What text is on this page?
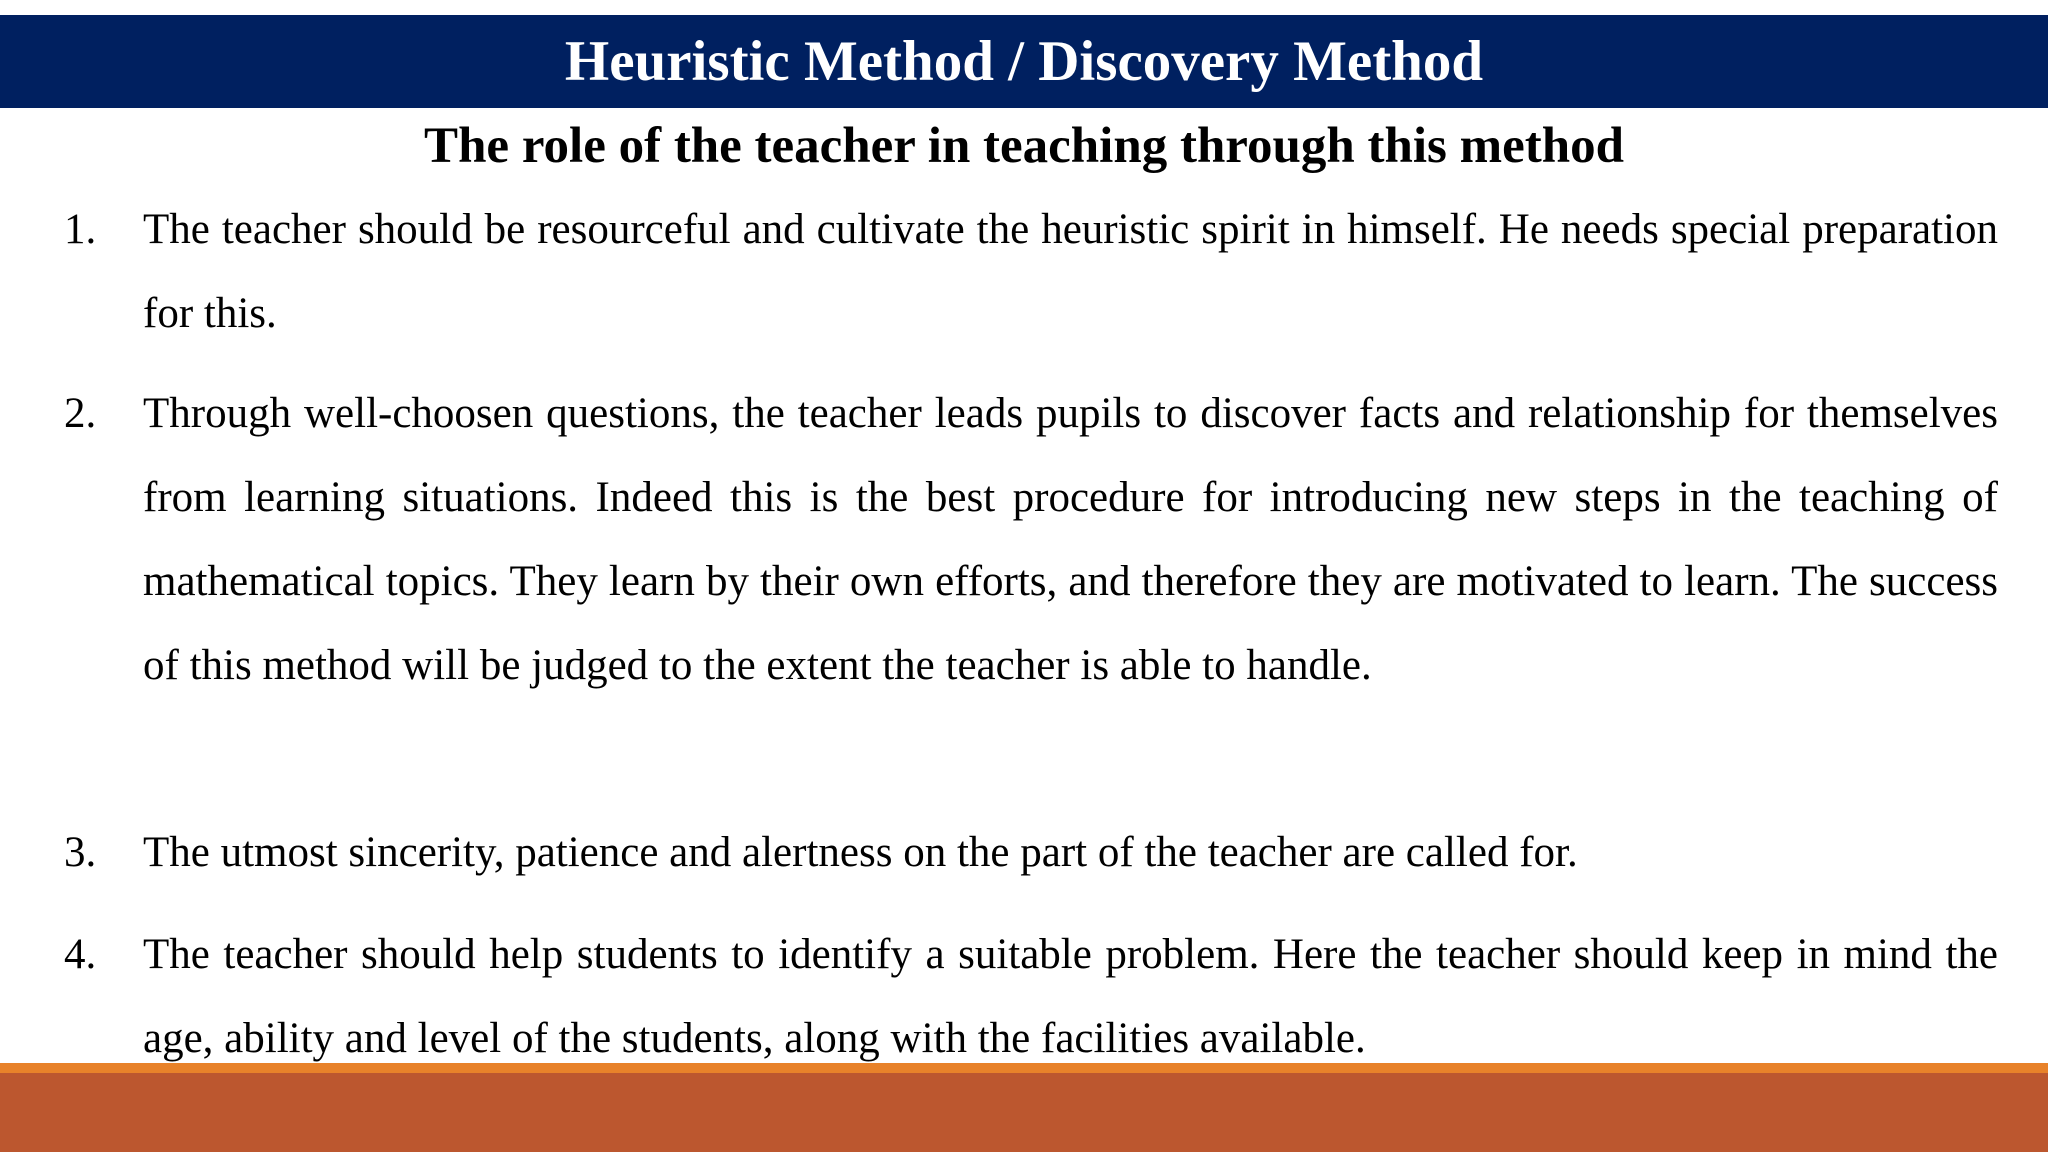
Heuristic Method / Discovery Method
The role of the teacher in teaching through this method
1. The teacher should be resourceful and cultivate the heuristic spirit in himself. He needs special preparation for this.

2. Through well-choosen questions, the teacher leads pupils to discover facts and relationship for themselves from learning situations. Indeed this is the best procedure for introducing new steps in the teaching of mathematical topics. They learn by their own efforts, and therefore they are motivated to learn. The success of this method will be judged to the extent the teacher is able to handle.

3. The utmost sincerity, patience and alertness on the part of the teacher are called for.

4. The teacher should help students to identify a suitable problem. Here the teacher should keep in mind the age, ability and level of the students, along with the facilities available.
